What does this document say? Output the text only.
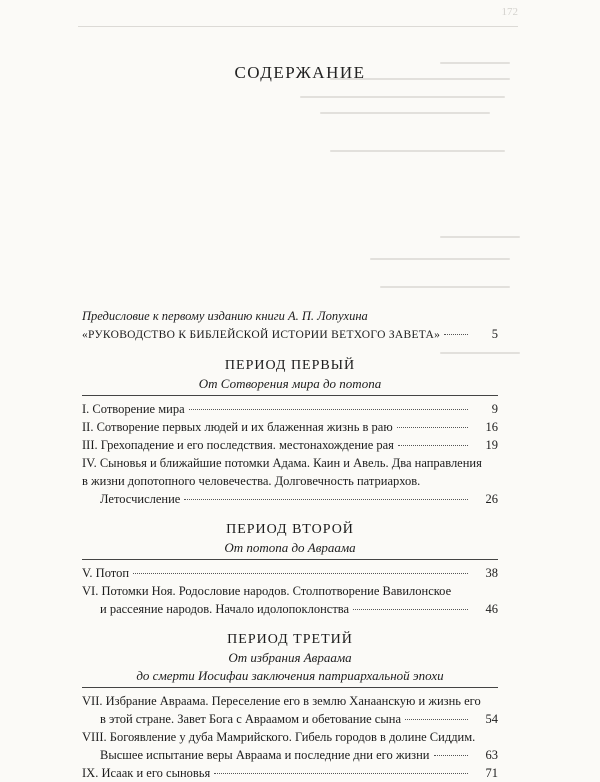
172
СОДЕРЖАНИЕ
Предисловие к первому изданию книги А. П. Лопухина
«РУКОВОДСТВО К БИБЛЕЙСКОЙ ИСТОРИИ ВЕТХОГО ЗАВЕТА»	5
ПЕРИОД ПЕРВЫЙ
От Сотворения мира до потопа
I. Сотворение мира	9
II. Сотворение первых людей и их блаженная жизнь в раю	16
III. Грехопадение и его последствия. местонахождение рая	19
IV. Сыновья и ближайшие потомки Адама. Каин и Авель. Два направления
в жизни допотопного человечества. Долговечность патриархов.
Летосчисление	26
ПЕРИОД ВТОРОЙ
От потопа до Авраама
V. Потоп	38
VI. Потомки Ноя. Родословие народов. Столпотворение Вавилонское
и рассеяние народов. Начало идолопоклонства	46
ПЕРИОД ТРЕТИЙ
От избрания Авраама
до смерти Иосифаи заключения патриархальной эпохи
VII. Избрание Авраама. Переселение его в землю Ханаанскую и жизнь его
в этой стране. Завет Бога с Авраамом и обетование сына	54
VIII. Богоявление у дуба Мамрийского. Гибель городов в долине Сиддим.
Высшее испытание веры Авраама и последние дни его жизни	63
IX. Исаак и его сыновья	71
